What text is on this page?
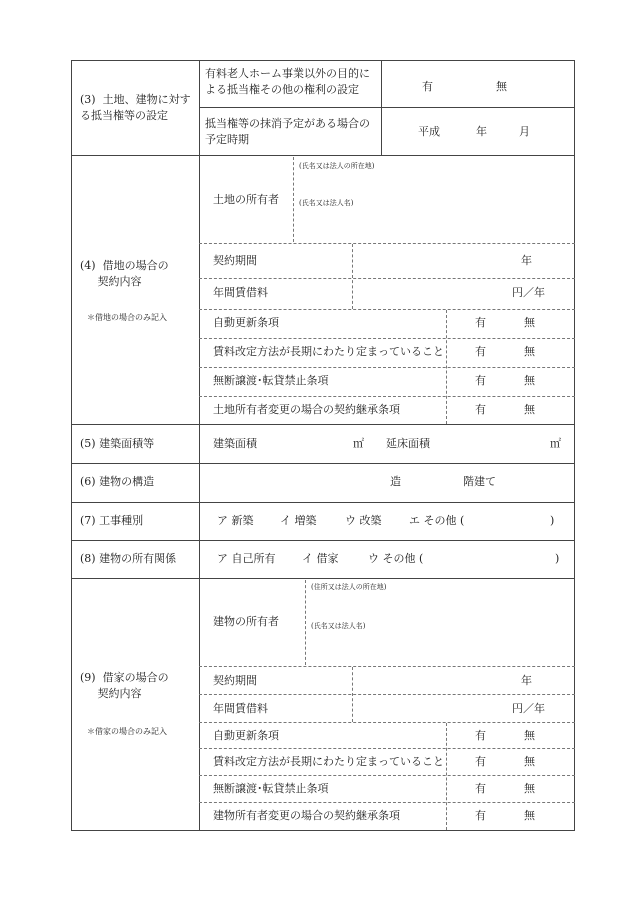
(3)  土地、建物に対す
る抵当権等の設定
有料老人ホーム事業以外の目的に
よる抵当権その他の権利の設定	有	無
抵当権等の抹消予定がある場合の
予定時期
平成	年	月
(4)  借地の場合の
契約内容
＊借地の場合のみ記入
土地の所有者
(氏名又は法人の所在地)
(氏名又は法人名)
契約期間	年
年間賃借料	円／年
自動更新条項	有	無
賃料改定方法が長期にわたり定まっていること	有	無
無断譲渡･転貸禁止条項	有	無
土地所有者変更の場合の契約継承条項	有	無
(5) 建築面積等	建築面積	㎡ 延床面積	㎡
(6) 建物の構造	造	階建て
(7) 工事種別	ア 新築 イ 増築	ウ 改築	エ その他 (	)
(8) 建物の所有関係	ア 自己所有 イ 借家	ウ その他 (	)
(9)  借家の場合の
契約内容
＊借家の場合のみ記入
建物の所有者
(住所又は法人の所在地)
(氏名又は法人名)
契約期間	年
年間賃借料	円／年
自動更新条項	有	無
賃料改定方法が長期にわたり定まっていること	有	無
無断譲渡･転貸禁止条項	有	無
建物所有者変更の場合の契約継承条項	有	無
